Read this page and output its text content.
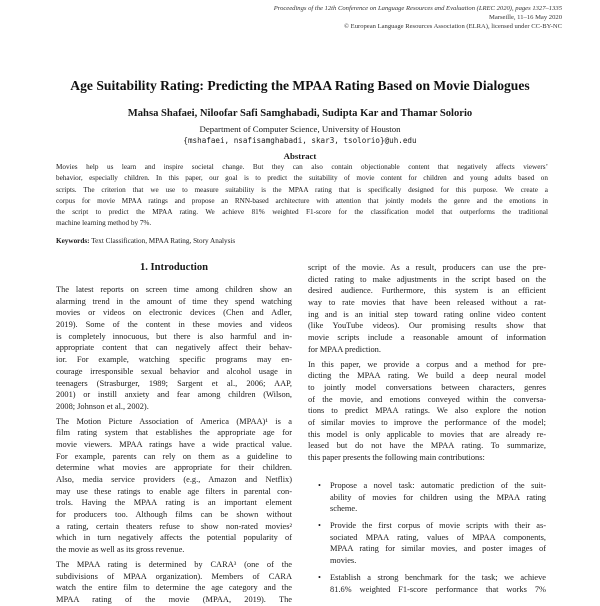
Proceedings of the 12th Conference on Language Resources and Evaluation (LREC 2020), pages 1327–1335
Marseille, 11–16 May 2020
© European Language Resources Association (ELRA), licensed under CC-BY-NC
Age Suitability Rating: Predicting the MPAA Rating Based on Movie Dialogues
Mahsa Shafaei, Niloofar Safi Samghabadi, Sudipta Kar and Thamar Solorio
Department of Computer Science, University of Houston
{mshafaei, nsafisamghabadi, skar3, tsolorio}@uh.edu
Abstract
Movies help us learn and inspire societal change. But they can also contain objectionable content that negatively affects viewers’
behavior, especially children. In this paper, our goal is to predict the suitability of movie content for children and young adults based on
scripts. The criterion that we use to measure suitability is the MPAA rating that is specifically designed for this purpose. We create a
corpus for movie MPAA ratings and propose an RNN-based architecture with attention that jointly models the genre and the emotions in
the script to predict the MPAA rating. We achieve 81% weighted F1-score for the classification model that outperforms the traditional
machine learning method by 7%.
Keywords: Text Classification, MPAA Rating, Story Analysis
1. Introduction
The latest reports on screen time among children show an
alarming trend in the amount of time they spend watching
movies or videos on electronic devices (Chen and Adler,
2019). Some of the content in these movies and videos
is completely innocuous, but there is also harmful and in-
appropriate content that can negatively affect their behav-
ior. For example, watching specific programs may en-
courage irresponsible sexual behavior and alcohol usage in
teenagers (Strasburger, 1989; Sargent et al., 2006; AAP,
2001) or instill anxiety and fear among children (Wilson,
2008; Johnson et al., 2002).
The Motion Picture Association of America (MPAA)¹ is a
film rating system that establishes the appropriate age for
movie viewers. MPAA ratings have a wide practical value.
For example, parents can rely on them as a guideline to
determine what movies are appropriate for their children.
Also, media service providers (e.g., Amazon and Netflix)
may use these ratings to enable age filters in parental con-
trols. Having the MPAA rating is an important element
for producers too. Although films can be shown without
a rating, certain theaters refuse to show non-rated movies²
which in turn negatively affects the potential popularity of
the movie as well as its gross revenue.
The MPAA rating is determined by CARA³ (one of the
subdivisions of MPAA organization). Members of CARA
watch the entire film to determine the age category and the
MPAA rating of the movie (MPAA, 2019). The
script of the movie. As a result, producers can use the pre-
dicted rating to make adjustments in the script based on the
desired audience. Furthermore, this system is an efficient
way to rate movies that have been released without a rat-
ing and is an initial step toward rating online video content
(like YouTube videos). Our promising results show that
movie scripts include a reasonable amount of information
for MPAA prediction.
In this paper, we provide a corpus and a method for pre-
dicting the MPAA rating. We build a deep neural model
to jointly model conversations between characters, genres
of the movie, and emotions conveyed within the conversa-
tions to predict MPAA ratings. We also explore the notion
of similar movies to improve the performance of the model;
this model is only applicable to movies that are already re-
leased but do not have the MPAA rating. To summarize,
this paper presents the following main contributions:
• Propose a novel task: automatic prediction of the suit-
ability of movies for children using the MPAA rating
scheme.
• Provide the first corpus of movie scripts with their as-
sociated MPAA rating, values of MPAA components,
MPAA rating for similar movies, and poster images of
movies.
• Establish a strong benchmark for the task; we achieve
81.6% weighted F1-score performance that works 7%
